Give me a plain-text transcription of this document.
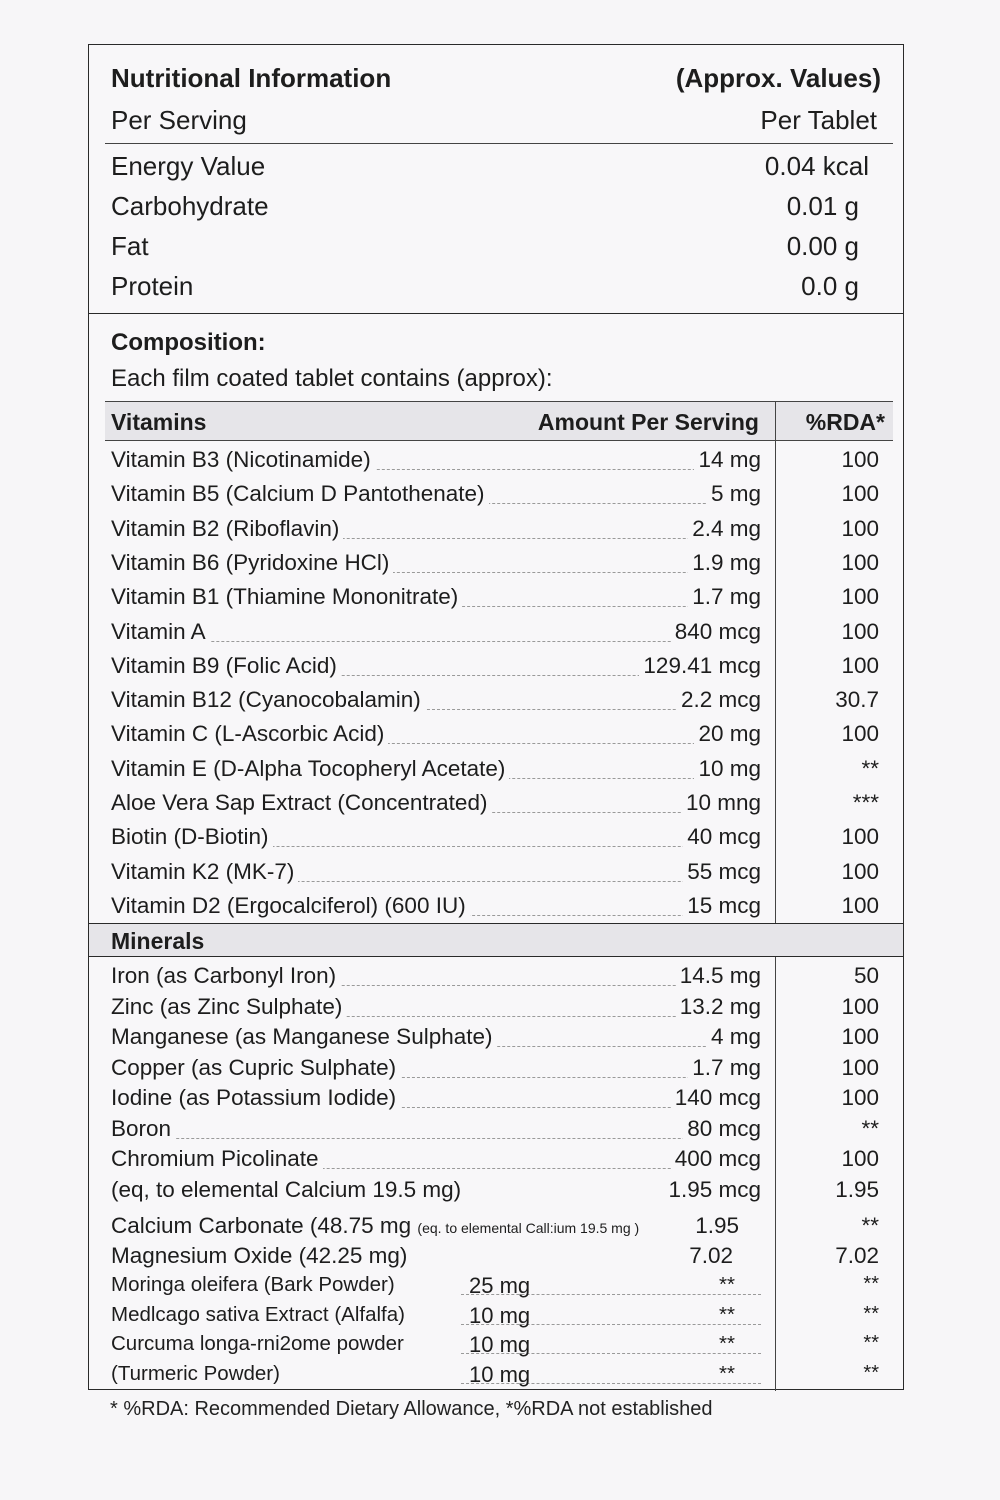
Nutritional Information	(Approx. Values)
Per Serving	Per Tablet
Energy Value	0.04 kcal
Carbohydrate	0.01 g
Fat	0.00 g
Protein	0.0 g
Composition:
Each film coated tablet contains (approx):
Vitamins	Amount Per Serving %RDA*
Vitamin B3 (Nicotinamide)	14 mg	100
Vitamin B5 (Calcium D Pantothenate)	5 mg	100
Vitamin B2 (Riboflavin)	2.4 mg	100
Vitamin B6 (Pyridoxine HCl)	1.9 mg	100
Vitamin B1 (Thiamine Mononitrate)	1.7 mg	100
Vitamin A	840 mcg	100
Vitamin B9 (Folic Acid)	129.41 mcg	100
Vitamin B12 (Cyanocobalamin)	2.2 mcg	30.7
Vitamin C (L-Ascorbic Acid)	20 mg	100
Vitamin E (D-Alpha Tocopheryl Acetate)	10 mg	**
Aloe Vera Sap Extract (Concentrated)	10 mng	***
Biotin (D-Biotin)	40 mcg	100
Vitamin K2 (MK-7)	55 mcg	100
Vitamin D2 (Ergocalciferol) (600 IU)	15 mcg	100
Minerals
Iron (as Carbonyl Iron)	14.5 mg	50
Zinc (as Zinc Sulphate)	13.2 mg	100
Manganese (as Manganese Sulphate)	4 mg	100
Copper (as Cupric Sulphate)	1.7 mg	100
Iodine (as Potassium Iodide)	140 mcg	100
Boron	80 mcg	**
Chromium Picolinate	400 mcg	100
(eq, to elemental Calcium 19.5 mg)	1.95 mcg	1.95
Calcium Carbonate (48.75 mg (eq. to elemental Call:ium 19.5 mg ) 1.95	**
Magnesium Oxide (42.25 mg)	7.02	7.02
Moringa oleifera (Bark Powder)	25 mg	**	**
Medlcago sativa Extract (Alfalfa)	10 mg	**	**
Curcuma longa-rni2ome powder	10 mg	**	**
(Turmeric Powder)	10 mg	**	**
* %RDA: Recommended Dietary Allowance, *%RDA not established
